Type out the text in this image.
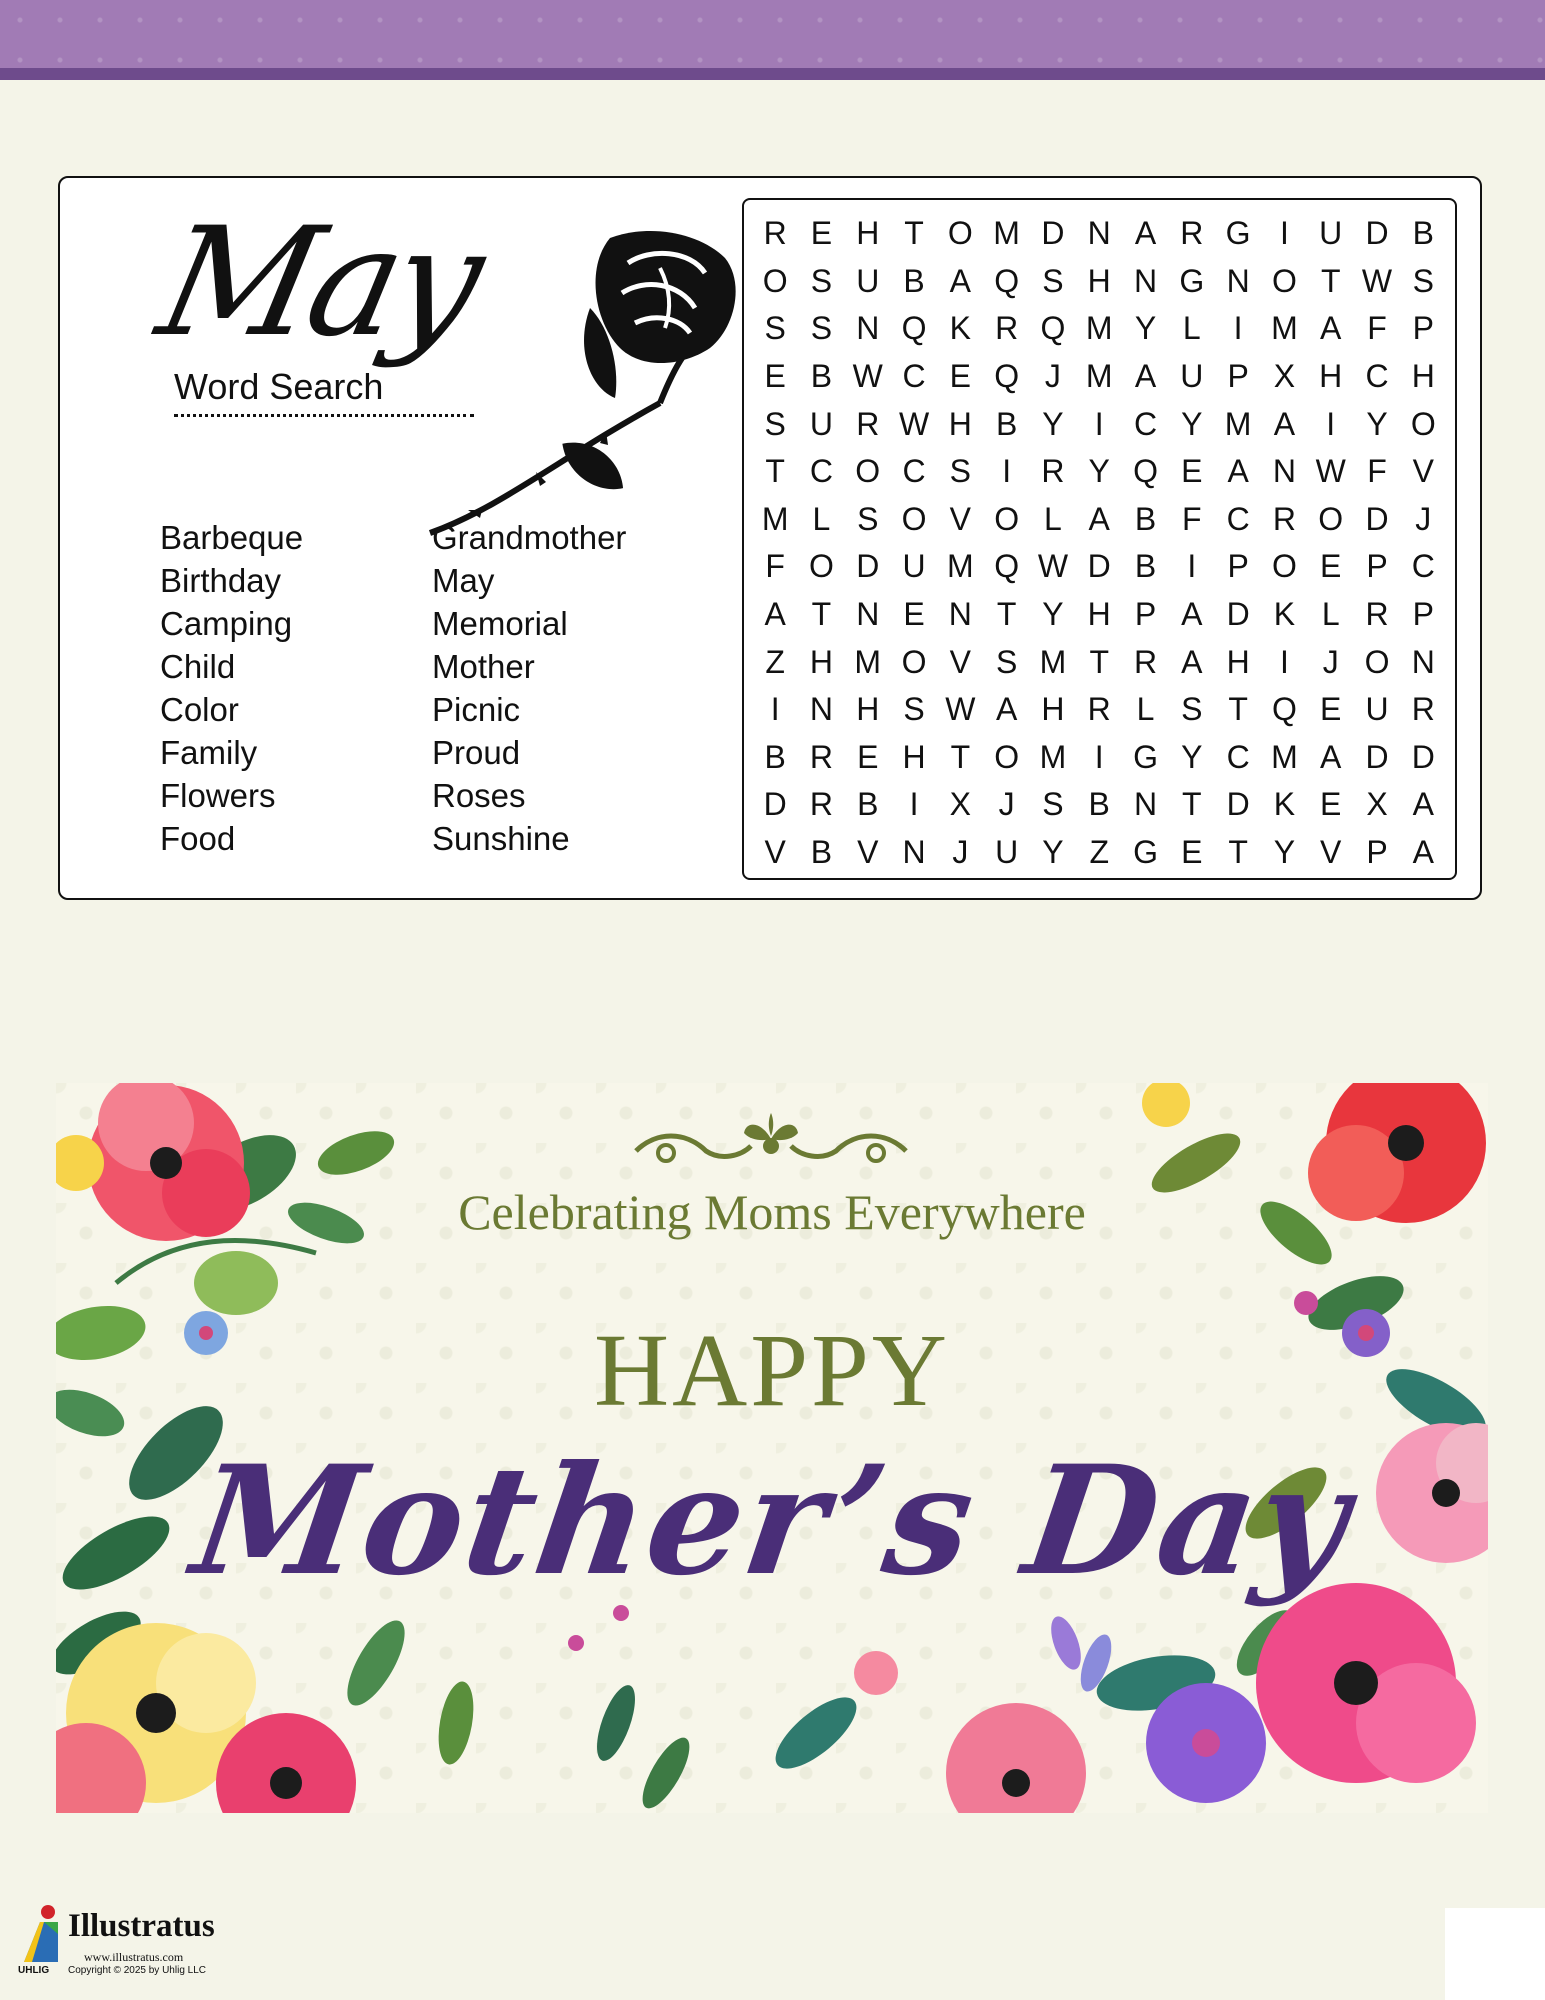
May
Word Search
Barbeque
Birthday
Camping
Child
Color
Family
Flowers
Food
Grandmother
May
Memorial
Mother
Picnic
Proud
Roses
Sunshine
R E H T O M D N A R G I U D B
O S U B A Q S H N G N O T W S
S S N Q K R Q M Y L	I M A F P
E B W C E Q J M A U P X H C H
S U R W H B Y I C Y M A I Y O
T C O C S I R Y Q E A N W F V
M L S O V O L A B F C R O D J
F O D U M Q W D B I P O E P C
A T N E N T Y H P A D K L R P
Z H M O V S M T R A H I	J O N
I N H S W A H R L S T Q E U R
B R E H T O M I G Y C M A D D
D R B I X J S B N T D K E X A
V B V N J U Y Z G E T Y V P A
Celebrating Moms Everywhere
HAPPY
Mother’s Day
Illustratus
www.illustratus.com
UHLIG Copyright © 2025 by Uhlig LLC
